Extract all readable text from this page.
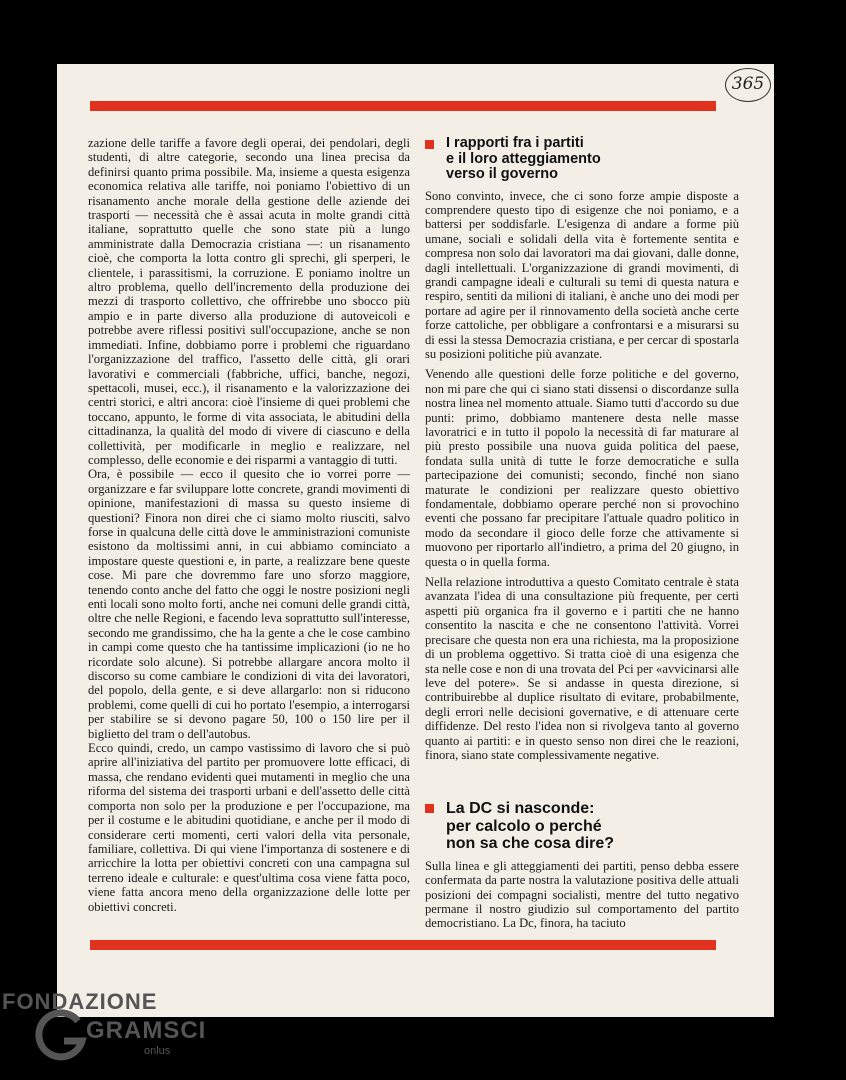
365

zazione delle tariffe a favore degli operai, dei pendolari, degli studenti, di altre categorie, secondo una linea precisa da definirsi quanto prima possibile. Ma, insieme a questa esigenza economica relativa alle tariffe, noi poniamo l'obiettivo di un risanamento anche morale della gestione delle aziende dei trasporti — necessità che è assai acuta in molte grandi città italiane, soprattutto quelle che sono state più a lungo amministrate dalla Democrazia cristiana —: un risanamento cioè, che comporta la lotta contro gli sprechi, gli sperperi, le clientele, i parassitismi, la corruzione. E poniamo inoltre un altro problema, quello dell'incremento della produzione dei mezzi di trasporto collettivo, che offrirebbe uno sbocco più ampio e in parte diverso alla produzione di autoveicoli e potrebbe avere riflessi positivi sull'occupazione, anche se non immediati. Infine, dobbiamo porre i problemi che riguardano l'organizzazione del traffico, l'assetto delle città, gli orari lavorativi e commerciali (fabbriche, uffici, banche, negozi, spettacoli, musei, ecc.), il risanamento e la valorizzazione dei centri storici, e altri ancora: cioè l'insieme di quei problemi che toccano, appunto, le forme di vita associata, le abitudini della cittadinanza, la qualità del modo di vivere di ciascuno e della collettività, per modificarle in meglio e realizzare, nel complesso, delle economie e dei risparmi a vantaggio di tutti.

Ora, è possibile — ecco il quesito che io vorrei porre — organizzare e far sviluppare lotte concrete, grandi movimenti di opinione, manifestazioni di massa su questo insieme di questioni? Finora non direi che ci siamo molto riusciti, salvo forse in qualcuna delle città dove le amministrazioni comuniste esistono da moltissimi anni, in cui abbiamo cominciato a impostare queste questioni e, in parte, a realizzare bene queste cose. Mi pare che dovremmo fare uno sforzo maggiore, tenendo conto anche del fatto che oggi le nostre posizioni negli enti locali sono molto forti, anche nei comuni delle grandi città, oltre che nelle Regioni, e facendo leva soprattutto sull'interesse, secondo me grandissimo, che ha la gente a che le cose cambino in campi come questo che ha tantissime implicazioni (io ne ho ricordate solo alcune). Si potrebbe allargare ancora molto il discorso su come cambiare le condizioni di vita dei lavoratori, del popolo, della gente, e si deve allargarlo: non si riducono problemi, come quelli di cui ho portato l'esempio, a interrogarsi per stabilire se si devono pagare 50, 100 o 150 lire per il biglietto del tram o dell'autobus.

Ecco quindi, credo, un campo vastissimo di lavoro che si può aprire all'iniziativa del partito per promuovere lotte efficaci, di massa, che rendano evidenti quei mutamenti in meglio che una riforma del sistema dei trasporti urbani e dell'assetto delle città comporta non solo per la produzione e per l'occupazione, ma per il costume e le abitudini quotidiane, e anche per il modo di considerare certi momenti, certi valori della vita personale, familiare, collettiva. Di qui viene l'importanza di sostenere e di arricchire la lotta per obiettivi concreti con una campagna sul terreno ideale e culturale: e quest'ultima cosa viene fatta poco, viene fatta ancora meno della organizzazione delle lotte per obiettivi concreti.

I rapporti fra i partiti
e il loro atteggiamento
verso il governo

Sono convinto, invece, che ci sono forze ampie disposte a comprendere questo tipo di esigenze che noi poniamo, e a battersi per soddisfarle. L'esigenza di andare a forme più umane, sociali e solidali della vita è fortemente sentita e compresa non solo dai lavoratori ma dai giovani, dalle donne, dagli intellettuali. L'organizzazione di grandi movimenti, di grandi campagne ideali e culturali su temi di questa natura e respiro, sentiti da milioni di italiani, è anche uno dei modi per portare ad agire per il rinnovamento della società anche certe forze cattoliche, per obbligare a confrontarsi e a misurarsi su di essi la stessa Democrazia cristiana, e per cercar di spostarla su posizioni politiche più avanzate.

Venendo alle questioni delle forze politiche e del governo, non mi pare che qui ci siano stati dissensi o discordanze sulla nostra linea nel momento attuale. Siamo tutti d'accordo su due punti: primo, dobbiamo mantenere desta nelle masse lavoratrici e in tutto il popolo la necessità di far maturare al più presto possibile una nuova guida politica del paese, fondata sulla unità di tutte le forze democratiche e sulla partecipazione dei comunisti; secondo, finché non siano maturate le condizioni per realizzare questo obiettivo fondamentale, dobbiamo operare perché non si provochino eventi che possano far precipitare l'attuale quadro politico in modo da secondare il gioco delle forze che attivamente si muovono per riportarlo all'indietro, a prima del 20 giugno, in questa o in quella forma.

Nella relazione introduttiva a questo Comitato centrale è stata avanzata l'idea di una consultazione più frequente, per certi aspetti più organica fra il governo e i partiti che ne hanno consentito la nascita e che ne consentono l'attività. Vorrei precisare che questa non era una richiesta, ma la proposizione di un problema oggettivo. Si tratta cioè di una esigenza che sta nelle cose e non di una trovata del Pci per «avvicinarsi alle leve del potere». Se si andasse in questa direzione, si contribuirebbe al duplice risultato di evitare, probabilmente, degli errori nelle decisioni governative, e di attenuare certe diffidenze. Del resto l'idea non si rivolgeva tanto al governo quanto ai partiti: e in questo senso non direi che le reazioni, finora, siano state complessivamente negative.

La DC si nasconde:
per calcolo o perché
non sa che cosa dire?

Sulla linea e gli atteggiamenti dei partiti, penso debba essere confermata da parte nostra la valutazione positiva delle attuali posizioni dei compagni socialisti, mentre del tutto negativo permane il nostro giudizio sul comportamento del partito democristiano. La Dc, finora, ha taciuto

FONDAZIONE
GRAMSCI
onlus
